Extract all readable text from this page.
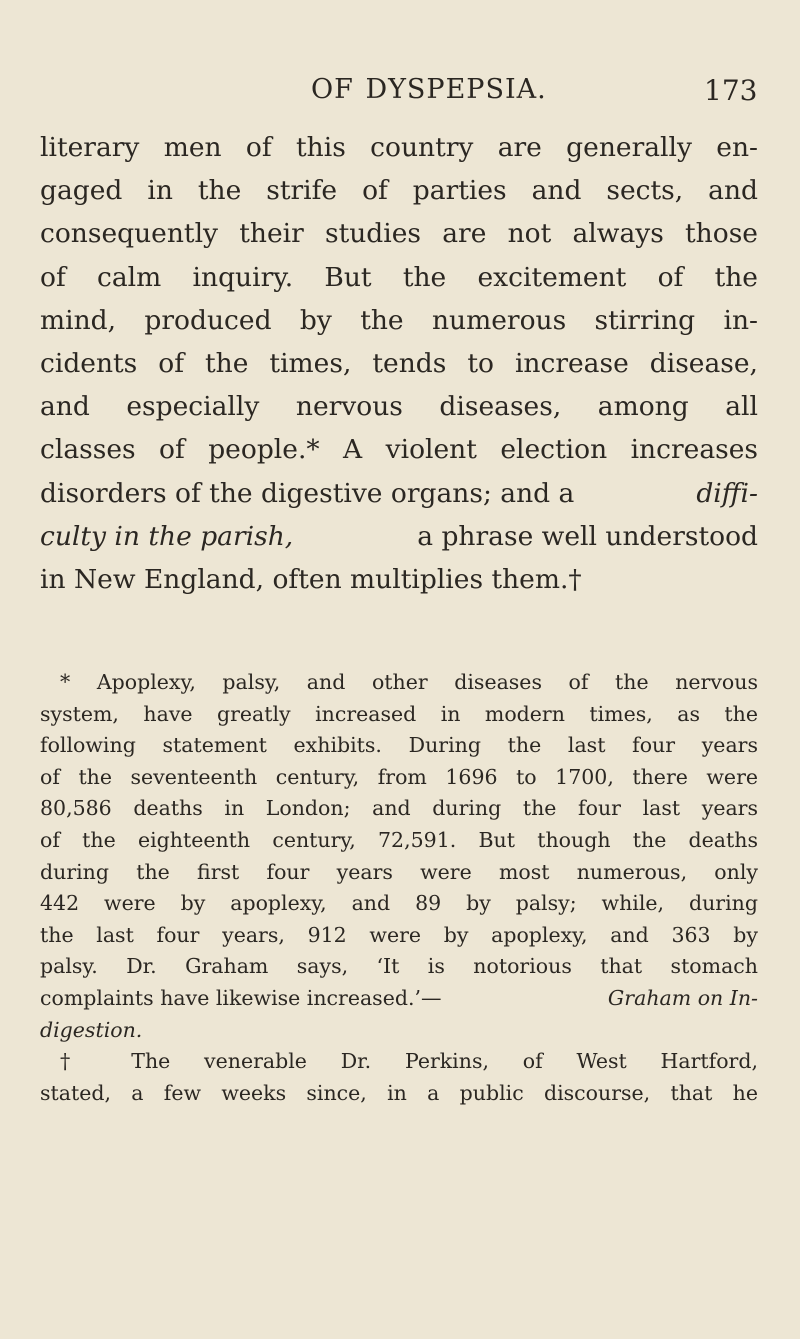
OF DYSPEPSIA.	173
literary men of this country are generally en-
gaged in the strife of parties and sects, and
consequently their studies are not always those
of calm inquiry. But the excitement of the
mind, produced by the numerous stirring in-
cidents of the times, tends to increase disease,
and especially nervous diseases, among all
classes of people.* A violent election increases
disorders of the digestive organs; and a	diffi-
culty in the parish,	a phrase well understood
in New England, often multiplies them.†
* Apoplexy, palsy, and other diseases of the nervous
system, have greatly increased in modern times, as the
following statement exhibits. During the last four years
of the seventeenth century, from 1696 to 1700, there were
80,586 deaths in London; and during the four last years
of the eighteenth century, 72,591. But though the deaths
during the first four years were most numerous, only
442 were by apoplexy, and 89 by palsy; while, during
the last four years, 912 were by apoplexy, and 363 by
palsy. Dr. Graham says, ‘It is notorious that stomach
complaints have likewise increased.’—	Graham on In-
digestion.
† The venerable Dr. Perkins, of West Hartford,
stated, a few weeks since, in a public discourse, that he
